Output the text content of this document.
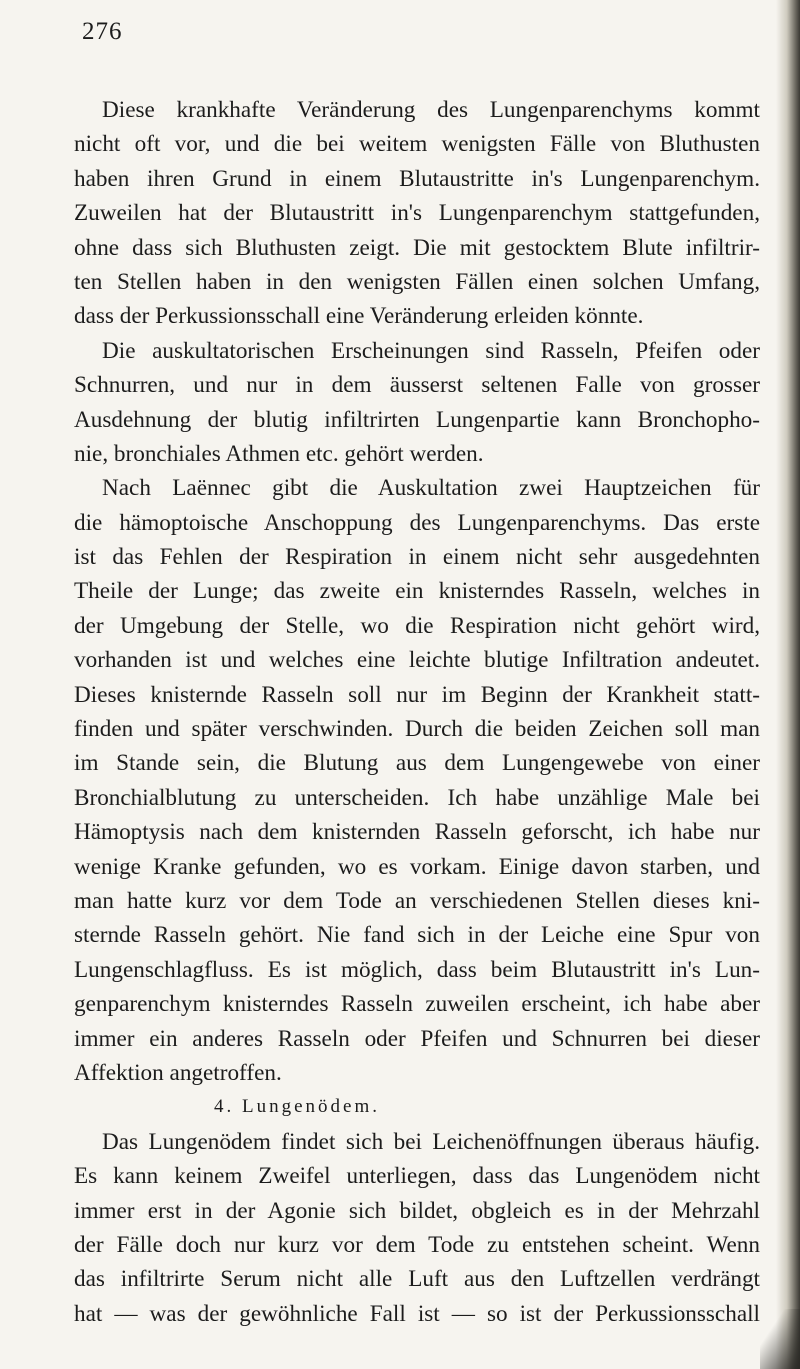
276
Diese krankhafte Veränderung des Lungenparenchyms kommt
nicht oft vor, und die bei weitem wenigsten Fälle von Bluthusten
haben ihren Grund in einem Blutaustritte in's Lungenparenchym.
Zuweilen hat der Blutaustritt in's Lungenparenchym stattgefunden,
ohne dass sich Bluthusten zeigt. Die mit gestocktem Blute infiltrir-
ten Stellen haben in den wenigsten Fällen einen solchen Umfang,
dass der Perkussionsschall eine Veränderung erleiden könnte.
Die auskultatorischen Erscheinungen sind Rasseln, Pfeifen oder
Schnurren, und nur in dem äusserst seltenen Falle von grosser
Ausdehnung der blutig infiltrirten Lungenpartie kann Bronchopho-
nie, bronchiales Athmen etc. gehört werden.
Nach Laënnec gibt die Auskultation zwei Hauptzeichen für
die hämoptoische Anschoppung des Lungenparenchyms. Das erste
ist das Fehlen der Respiration in einem nicht sehr ausgedehnten
Theile der Lunge; das zweite ein knisterndes Rasseln, welches in
der Umgebung der Stelle, wo die Respiration nicht gehört wird,
vorhanden ist und welches eine leichte blutige Infiltration andeutet.
Dieses knisternde Rasseln soll nur im Beginn der Krankheit statt-
finden und später verschwinden. Durch die beiden Zeichen soll man
im Stande sein, die Blutung aus dem Lungengewebe von einer
Bronchialblutung zu unterscheiden. Ich habe unzählige Male bei
Hämoptysis nach dem knisternden Rasseln geforscht, ich habe nur
wenige Kranke gefunden, wo es vorkam. Einige davon starben, und
man hatte kurz vor dem Tode an verschiedenen Stellen dieses kni-
sternde Rasseln gehört. Nie fand sich in der Leiche eine Spur von
Lungenschlagfluss. Es ist möglich, dass beim Blutaustritt in's Lun-
genparenchym knisterndes Rasseln zuweilen erscheint, ich habe aber
immer ein anderes Rasseln oder Pfeifen und Schnurren bei dieser
Affektion angetroffen.
4. Lungenödem.
Das Lungenödem findet sich bei Leichenöffnungen überaus häufig.
Es kann keinem Zweifel unterliegen, dass das Lungenödem nicht
immer erst in der Agonie sich bildet, obgleich es in der Mehrzahl
der Fälle doch nur kurz vor dem Tode zu entstehen scheint. Wenn
das infiltrirte Serum nicht alle Luft aus den Luftzellen verdrängt
hat — was der gewöhnliche Fall ist — so ist der Perkussionsschall
